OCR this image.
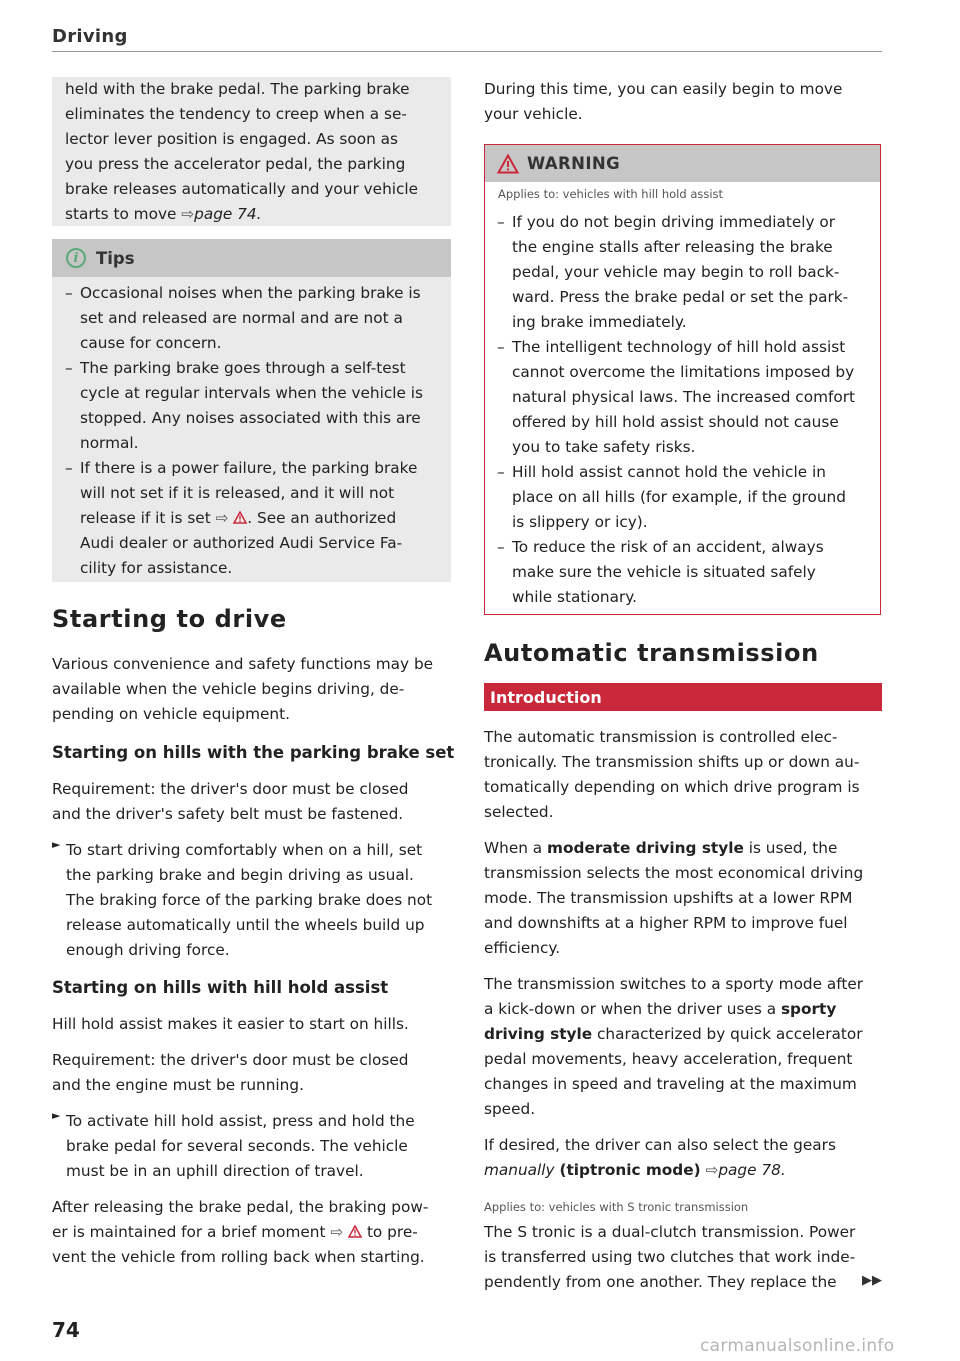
Driving

held with the brake pedal. The parking brake

eliminates the tendency to creep when a se-

lector lever position is engaged. As soon as

you press the accelerator pedal, the parking

brake releases automatically and your vehicle

starts to move ⇨page 74.

i	Tips
– Occasional noises when the parking brake is
set and released are normal and are not a
cause for concern.
– The parking brake goes through a self-test
cycle at regular intervals when the vehicle is
stopped. Any noises associated with this are
normal.
– If there is a power failure, the parking brake
will not set if it is released, and it will not
release if it is set ⇨ . See an authorized
Audi dealer or authorized Audi Service Fa-
cility for assistance.
Starting to drive

Various convenience and safety functions may be

available when the vehicle begins driving, de-

pending on vehicle equipment.

Starting on hills with the parking brake set

Requirement: the driver's door must be closed

and the driver's safety belt must be fastened.

► To start driving comfortably when on a hill, set

the parking brake and begin driving as usual.

The braking force of the parking brake does not

release automatically until the wheels build up

enough driving force.

Starting on hills with hill hold assist

Hill hold assist makes it easier to start on hills.

Requirement: the driver's door must be closed

and the engine must be running.

► To activate hill hold assist, press and hold the

brake pedal for several seconds. The vehicle

must be in an uphill direction of travel.

After releasing the brake pedal, the braking pow-

er is maintained for a brief moment ⇨ to pre-

vent the vehicle from rolling back when starting.

74

During this time, you can easily begin to move

your vehicle.

WARNING
Applies to: vehicles with hill hold assist
– If you do not begin driving immediately or
the engine stalls after releasing the brake
pedal, your vehicle may begin to roll back-
ward. Press the brake pedal or set the park-
ing brake immediately.
– The intelligent technology of hill hold assist
cannot overcome the limitations imposed by
natural physical laws. The increased comfort
offered by hill hold assist should not cause
you to take safety risks.
– Hill hold assist cannot hold the vehicle in
place on all hills (for example, if the ground
is slippery or icy).
– To reduce the risk of an accident, always
make sure the vehicle is situated safely
while stationary.
Automatic transmission
Introduction

The automatic transmission is controlled elec-

tronically. The transmission shifts up or down au-

tomatically depending on which drive program is

selected.

When a moderate driving style is used, the

transmission selects the most economical driving

mode. The transmission upshifts at a lower RPM

and downshifts at a higher RPM to improve fuel

efficiency.

The transmission switches to a sporty mode after

a kick-down or when the driver uses a sporty

driving style characterized by quick accelerator

pedal movements, heavy acceleration, frequent

changes in speed and traveling at the maximum

speed.

If desired, the driver can also select the gears

manually (tiptronic mode) ⇨page 78.

Applies to: vehicles with S tronic transmission

The S tronic is a dual-clutch transmission. Power

is transferred using two clutches that work inde-

pendently from one another. They replace the	▶▶
carmanualsonline.info
